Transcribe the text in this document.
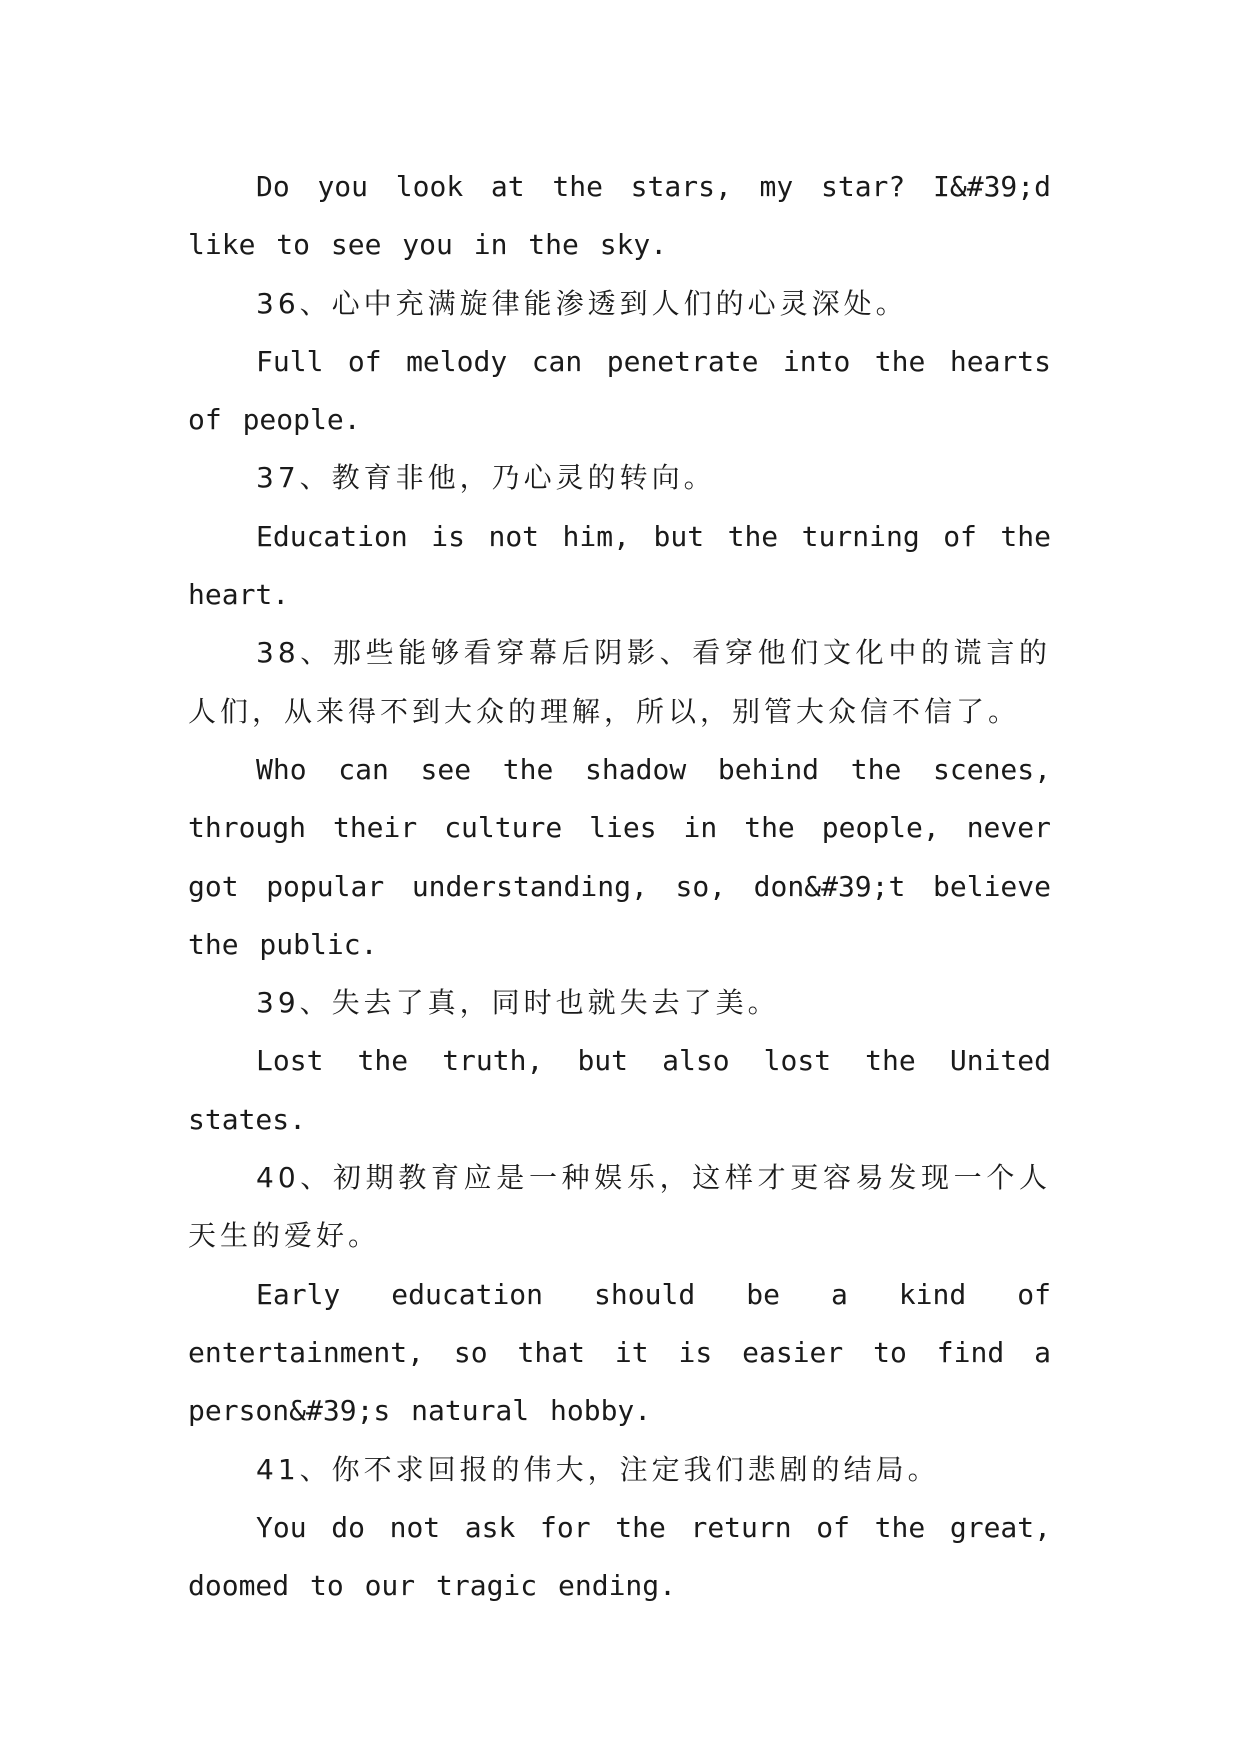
Do you look at the stars, my star? I&#39;d like to see you in the sky.

36、心中充满旋律能渗透到人们的心灵深处。

Full of melody can penetrate into the hearts of people.

37、教育非他，乃心灵的转向。

Education is not him, but the turning of the heart.

38、那些能够看穿幕后阴影、看穿他们文化中的谎言的人们，从来得不到大众的理解，所以，别管大众信不信了。

Who can see the shadow behind the scenes, through their culture lies in the people, never got popular understanding, so, don&#39;t believe the public.

39、失去了真，同时也就失去了美。

Lost the truth, but also lost the United states.

40、初期教育应是一种娱乐，这样才更容易发现一个人天生的爱好。

Early education should be a kind of entertainment, so that it is easier to find a person&#39;s natural hobby.

41、你不求回报的伟大，注定我们悲剧的结局。

You do not ask for the return of the great, doomed to our tragic ending.
